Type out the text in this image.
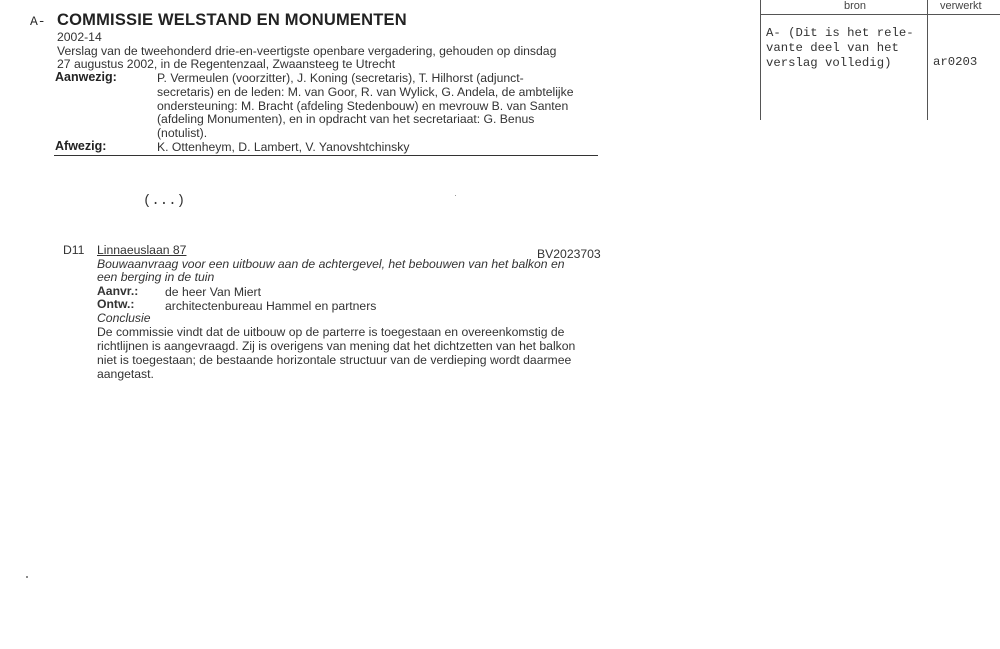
A- COMMISSIE WELSTAND EN MONUMENTEN
2002-14
Verslag van de tweehonderd drie-en-veertigste openbare vergadering, gehouden op dinsdag
27 augustus 2002, in de Regentenzaal, Zwaansteeg te Utrecht
Aanwezig:	P. Vermeulen (voorzitter), J. Koning (secretaris), T. Hilhorst (adjunct-
secretaris) en de leden: M. van Goor, R. van Wylick, G. Andela, de ambtelijke
ondersteuning: M. Bracht (afdeling Stedenbouw) en mevrouw B. van Santen
(afdeling Monumenten), en in opdracht van het secretariaat: G. Benus
(notulist).
Afwezig:	K. Ottenheym, D. Lambert, V. Yanovshtchinsky
(...)
D11 Linnaeuslaan 87	BV2023703
Bouwaanvraag voor een uitbouw aan de achtergevel, het bebouwen van het balkon en
een berging in de tuin
Aanvr.: de heer Van Miert
Ontw.:	architectenbureau Hammel en partners
Conclusie
De commissie vindt dat de uitbouw op de parterre is toegestaan en overeenkomstig de
richtlijnen is aangevraagd. Zij is overigens van mening dat het dichtzetten van het balkon
niet is toegestaan; de bestaande horizontale structuur van de verdieping wordt daarmee
aangetast.
bron	verwerkt
A- (Dit is het rele-
vante deel van het
verslag volledig)	ar0203
